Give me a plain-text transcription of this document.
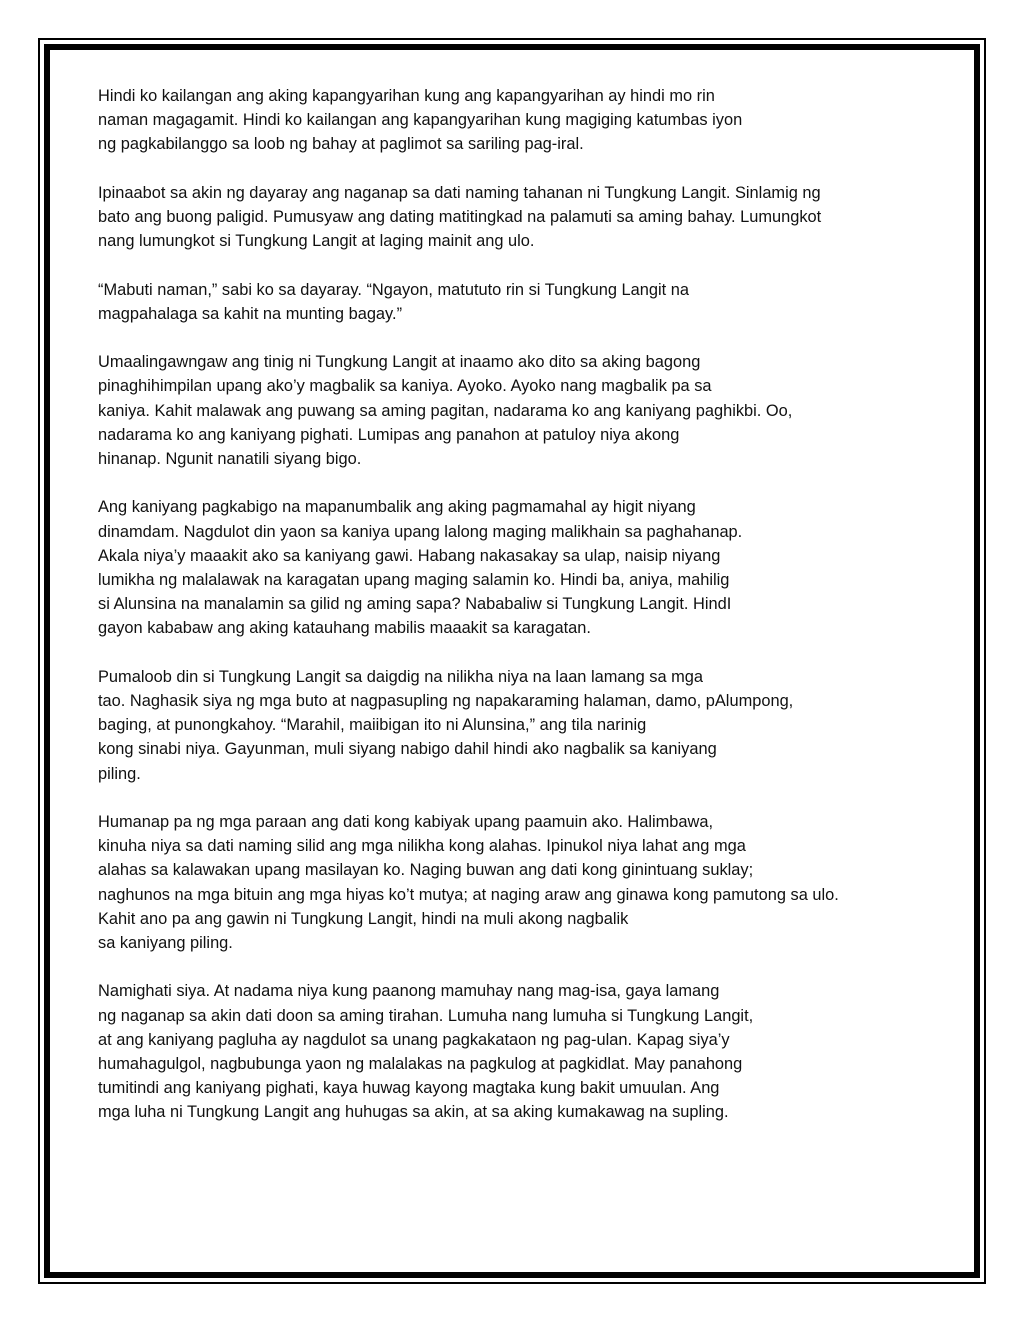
Hindi ko kailangan ang aking kapangyarihan kung ang kapangyarihan ay hindi mo rin
naman magagamit. Hindi ko kailangan ang kapangyarihan kung magiging katumbas iyon
ng pagkabilanggo sa loob ng bahay at paglimot sa sariling pag-iral.
Ipinaabot sa akin ng dayaray ang naganap sa dati naming tahanan ni Tungkung Langit. Sinlamig ng
bato ang buong paligid. Pumusyaw ang dating matitingkad na palamuti sa aming bahay. Lumungkot
nang lumungkot si Tungkung Langit at laging mainit ang ulo.
“Mabuti naman,” sabi ko sa dayaray. “Ngayon, matututo rin si Tungkung Langit na
magpahalaga sa kahit na munting bagay.”
Umaalingawngaw ang tinig ni Tungkung Langit at inaamo ako dito sa aking bagong
pinaghihimpilan upang ako’y magbalik sa kaniya. Ayoko. Ayoko nang magbalik pa sa
kaniya. Kahit malawak ang puwang sa aming pagitan, nadarama ko ang kaniyang paghikbi. Oo,
nadarama ko ang kaniyang pighati. Lumipas ang panahon at patuloy niya akong
hinanap. Ngunit nanatili siyang bigo.
Ang kaniyang pagkabigo na mapanumbalik ang aking pagmamahal ay higit niyang
dinamdam. Nagdulot din yaon sa kaniya upang lalong maging malikhain sa paghahanap.
Akala niya’y maaakit ako sa kaniyang gawi. Habang nakasakay sa ulap, naisip niyang
lumikha ng malalawak na karagatan upang maging salamin ko. Hindi ba, aniya, mahilig
si Alunsina na manalamin sa gilid ng aming sapa? Nababaliw si Tungkung Langit. HindI
gayon kababaw ang aking katauhang mabilis maaakit sa karagatan.
Pumaloob din si Tungkung Langit sa daigdig na nilikha niya na laan lamang sa mga
tao. Naghasik siya ng mga buto at nagpasupling ng napakaraming halaman, damo, pAlumpong,
baging, at punongkahoy. “Marahil, maiibigan ito ni Alunsina,” ang tila narinig
kong sinabi niya. Gayunman, muli siyang nabigo dahil hindi ako nagbalik sa kaniyang
piling.
Humanap pa ng mga paraan ang dati kong kabiyak upang paamuin ako. Halimbawa,
kinuha niya sa dati naming silid ang mga nilikha kong alahas. Ipinukol niya lahat ang mga
alahas sa kalawakan upang masilayan ko. Naging buwan ang dati kong ginintuang suklay;
naghunos na mga bituin ang mga hiyas ko’t mutya; at naging araw ang ginawa kong pamutong sa ulo.
Kahit ano pa ang gawin ni Tungkung Langit, hindi na muli akong nagbalik
sa kaniyang piling.
Namighati siya. At nadama niya kung paanong mamuhay nang mag-isa, gaya lamang
ng naganap sa akin dati doon sa aming tirahan. Lumuha nang lumuha si Tungkung Langit,
at ang kaniyang pagluha ay nagdulot sa unang pagkakataon ng pag-ulan. Kapag siya’y
humahagulgol, nagbubunga yaon ng malalakas na pagkulog at pagkidlat. May panahong
tumitindi ang kaniyang pighati, kaya huwag kayong magtaka kung bakit umuulan. Ang
mga luha ni Tungkung Langit ang huhugas sa akin, at sa aking kumakawag na supling.
